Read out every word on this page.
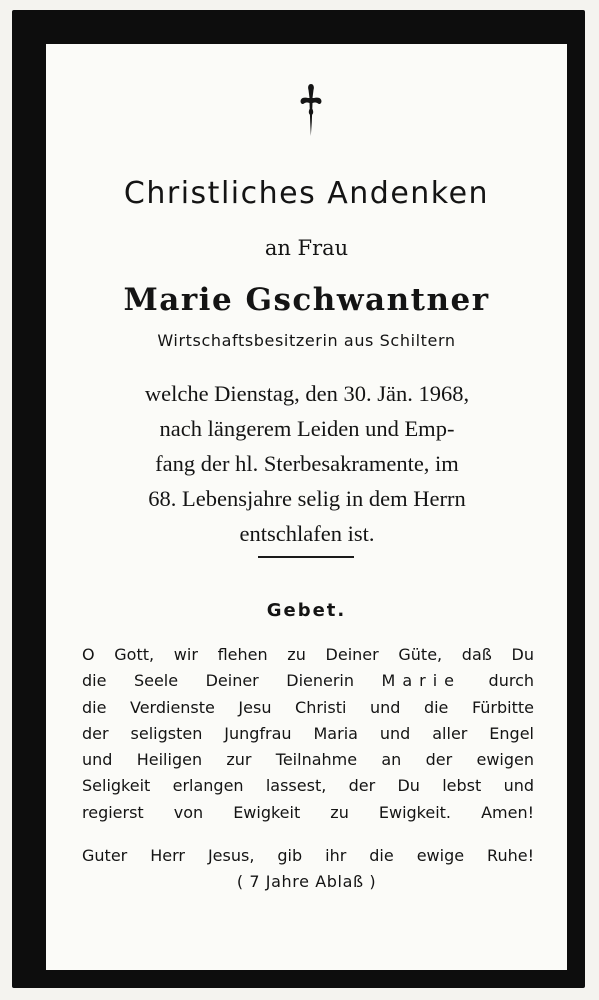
Christliches Andenken
an Frau
Marie Gschwantner
Wirtschaftsbesitzerin aus Schiltern
welche Dienstag, den 30. Jän. 1968,
nach längerem Leiden und Emp-
fang der hl. Sterbesakramente, im
68. Lebensjahre selig in dem Herrn
entschlafen ist.
Gebet.
O Gott, wir flehen zu Deiner Güte, daß Du
die Seele Deiner Dienerin Marie durch
die Verdienste Jesu Christi und die Fürbitte
der seligsten Jungfrau Maria und aller Engel
und Heiligen zur Teilnahme an der ewigen
Seligkeit erlangen lassest, der Du lebst und
regierst von Ewigkeit zu Ewigkeit. Amen!
Guter Herr Jesus, gib ihr die ewige Ruhe!
( 7 Jahre Ablaß )
